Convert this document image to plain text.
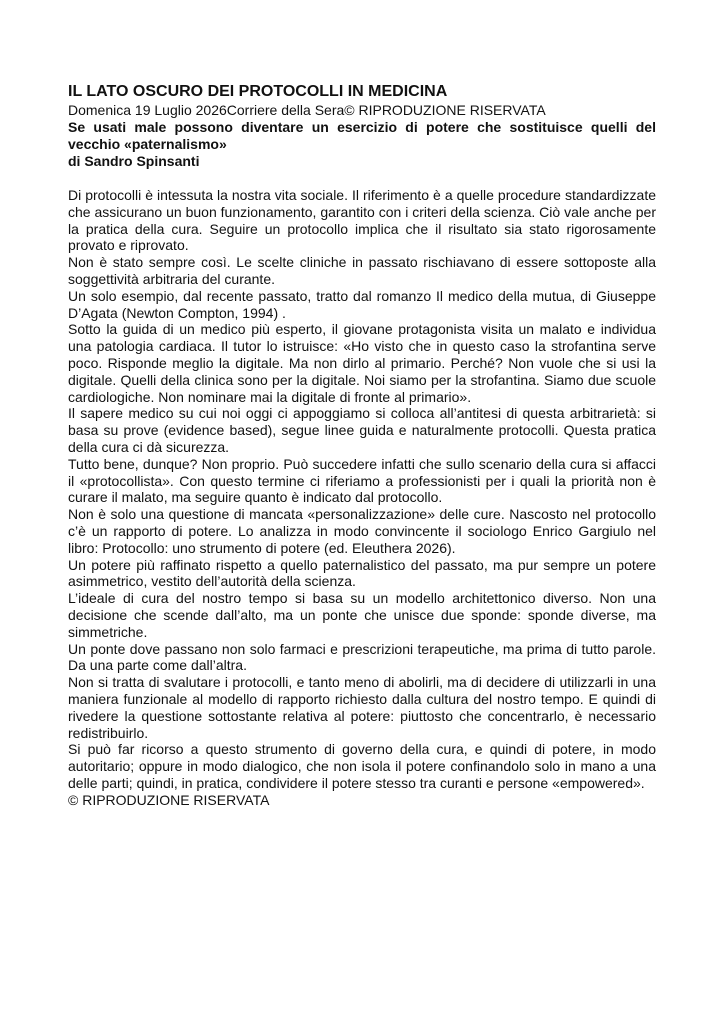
IL LATO OSCURO DEI PROTOCOLLI IN MEDICINA

Domenica 19 Luglio 2026Corriere della Sera© RIPRODUZIONE RISERVATA

Se usati male possono diventare un esercizio di potere che sostituisce quelli del vecchio «paternalismo»

di Sandro Spinsanti

Di protocolli è intessuta la nostra vita sociale. Il riferimento è a quelle procedure standardizzate che assicurano un buon funzionamento, garantito con i criteri della scienza. Ciò vale anche per la pratica della cura. Seguire un protocollo implica che il risultato sia stato rigorosamente provato e riprovato.

Non è stato sempre così. Le scelte cliniche in passato rischiavano di essere sottoposte alla soggettività arbitraria del curante.

Un solo esempio, dal recente passato, tratto dal romanzo Il medico della mutua, di Giuseppe D’Agata (Newton Compton, 1994) .

Sotto la guida di un medico più esperto, il giovane protagonista visita un malato e individua una patologia cardiaca. Il tutor lo istruisce: «Ho visto che in questo caso la strofantina serve poco. Risponde meglio la digitale. Ma non dirlo al primario. Perché? Non vuole che si usi la digitale. Quelli della clinica sono per la digitale. Noi siamo per la strofantina. Siamo due scuole cardiologiche. Non nominare mai la digitale di fronte al primario».

Il sapere medico su cui noi oggi ci appoggiamo si colloca all’antitesi di questa arbitrarietà: si basa su prove (evidence based), segue linee guida e naturalmente protocolli. Questa pratica della cura ci dà sicurezza.

Tutto bene, dunque? Non proprio. Può succedere infatti che sullo scenario della cura si affacci il «protocollista». Con questo termine ci riferiamo a professionisti per i quali la priorità non è curare il malato, ma seguire quanto è indicato dal protocollo.

Non è solo una questione di mancata «personalizzazione» delle cure. Nascosto nel protocollo c’è un rapporto di potere. Lo analizza in modo convincente il sociologo Enrico Gargiulo nel libro: Protocollo: uno strumento di potere (ed. Eleuthera 2026).

Un potere più raffinato rispetto a quello paternalistico del passato, ma pur sempre un potere asimmetrico, vestito dell’autorità della scienza.

L’ideale di cura del nostro tempo si basa su un modello architettonico diverso. Non una decisione che scende dall’alto, ma un ponte che unisce due sponde: sponde diverse, ma simmetriche.

Un ponte dove passano non solo farmaci e prescrizioni terapeutiche, ma prima di tutto parole. Da una parte come dall’altra.

Non si tratta di svalutare i protocolli, e tanto meno di abolirli, ma di decidere di utilizzarli in una maniera funzionale al modello di rapporto richiesto dalla cultura del nostro tempo. E quindi di rivedere la questione sottostante relativa al potere: piuttosto che concentrarlo, è necessario redistribuirlo.

Si può far ricorso a questo strumento di governo della cura, e quindi di potere, in modo autoritario; oppure in modo dialogico, che non isola il potere confinandolo solo in mano a una delle parti; quindi, in pratica, condividere il potere stesso tra curanti e persone «empowered».

© RIPRODUZIONE RISERVATA
